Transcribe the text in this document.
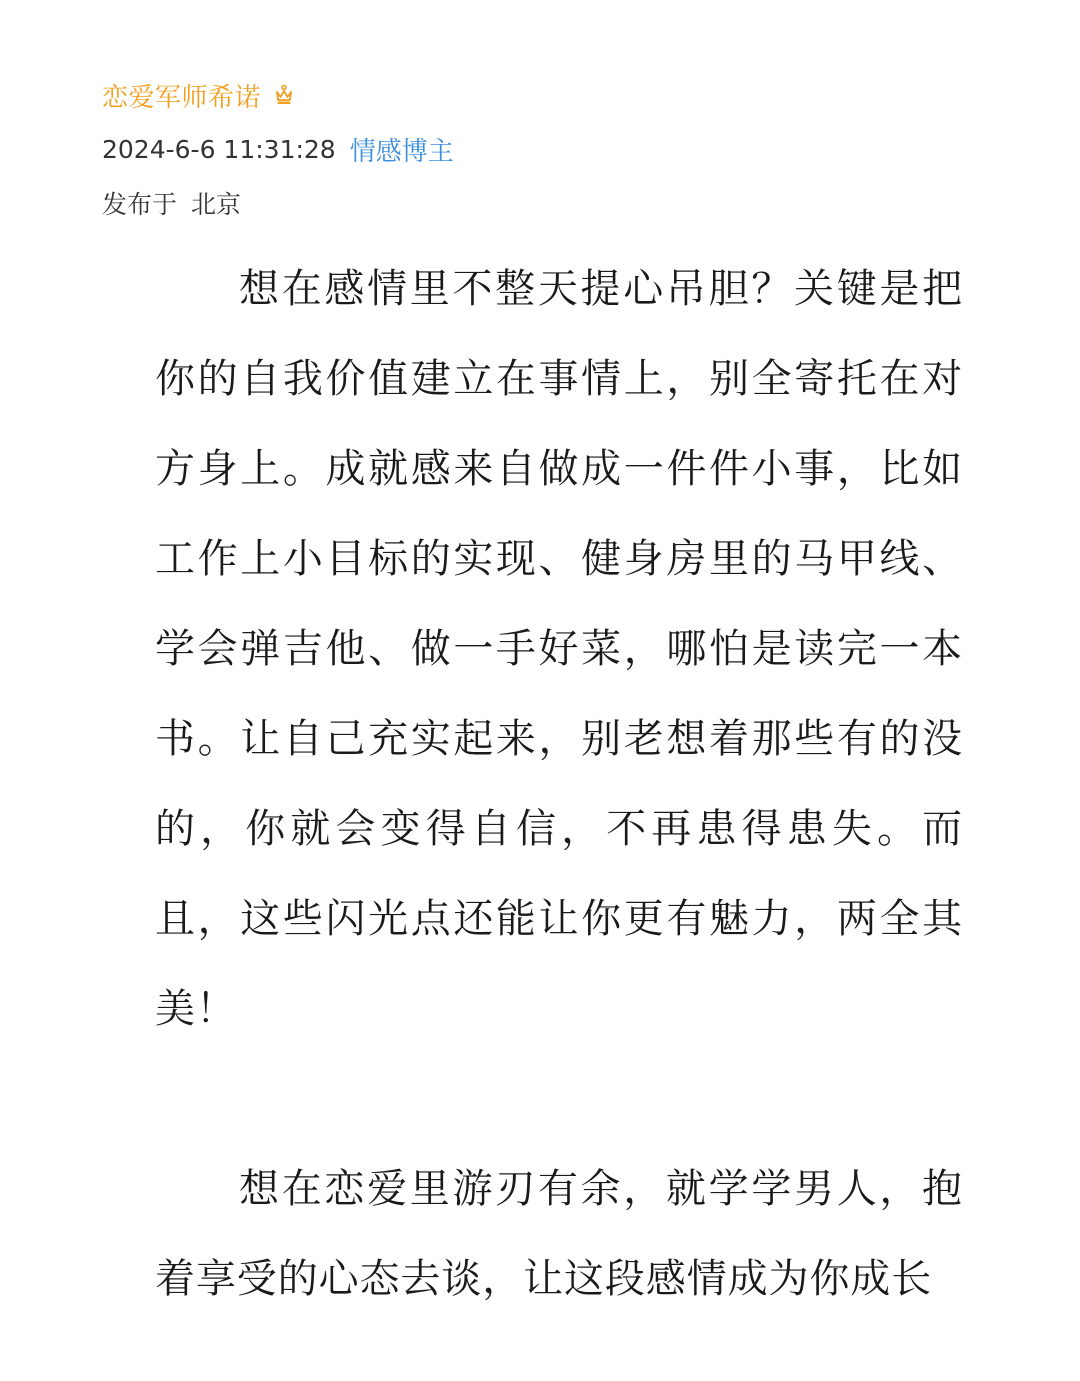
恋爱军师希诺
2024-6-6 11:31:28 情感博主
发布于 北京

想在感情里不整天提心吊胆？关键是把你的自我价值建立在事情上，别全寄托在对方身上。成就感来自做成一件件小事，比如工作上小目标的实现、健身房里的马甲线、学会弹吉他、做一手好菜，哪怕是读完一本书。让自己充实起来，别老想着那些有的没的，你就会变得自信，不再患得患失。而且，这些闪光点还能让你更有魅力，两全其美！

想在恋爱里游刃有余，就学学男人，抱着享受的心态去谈，让这段感情成为你成长
